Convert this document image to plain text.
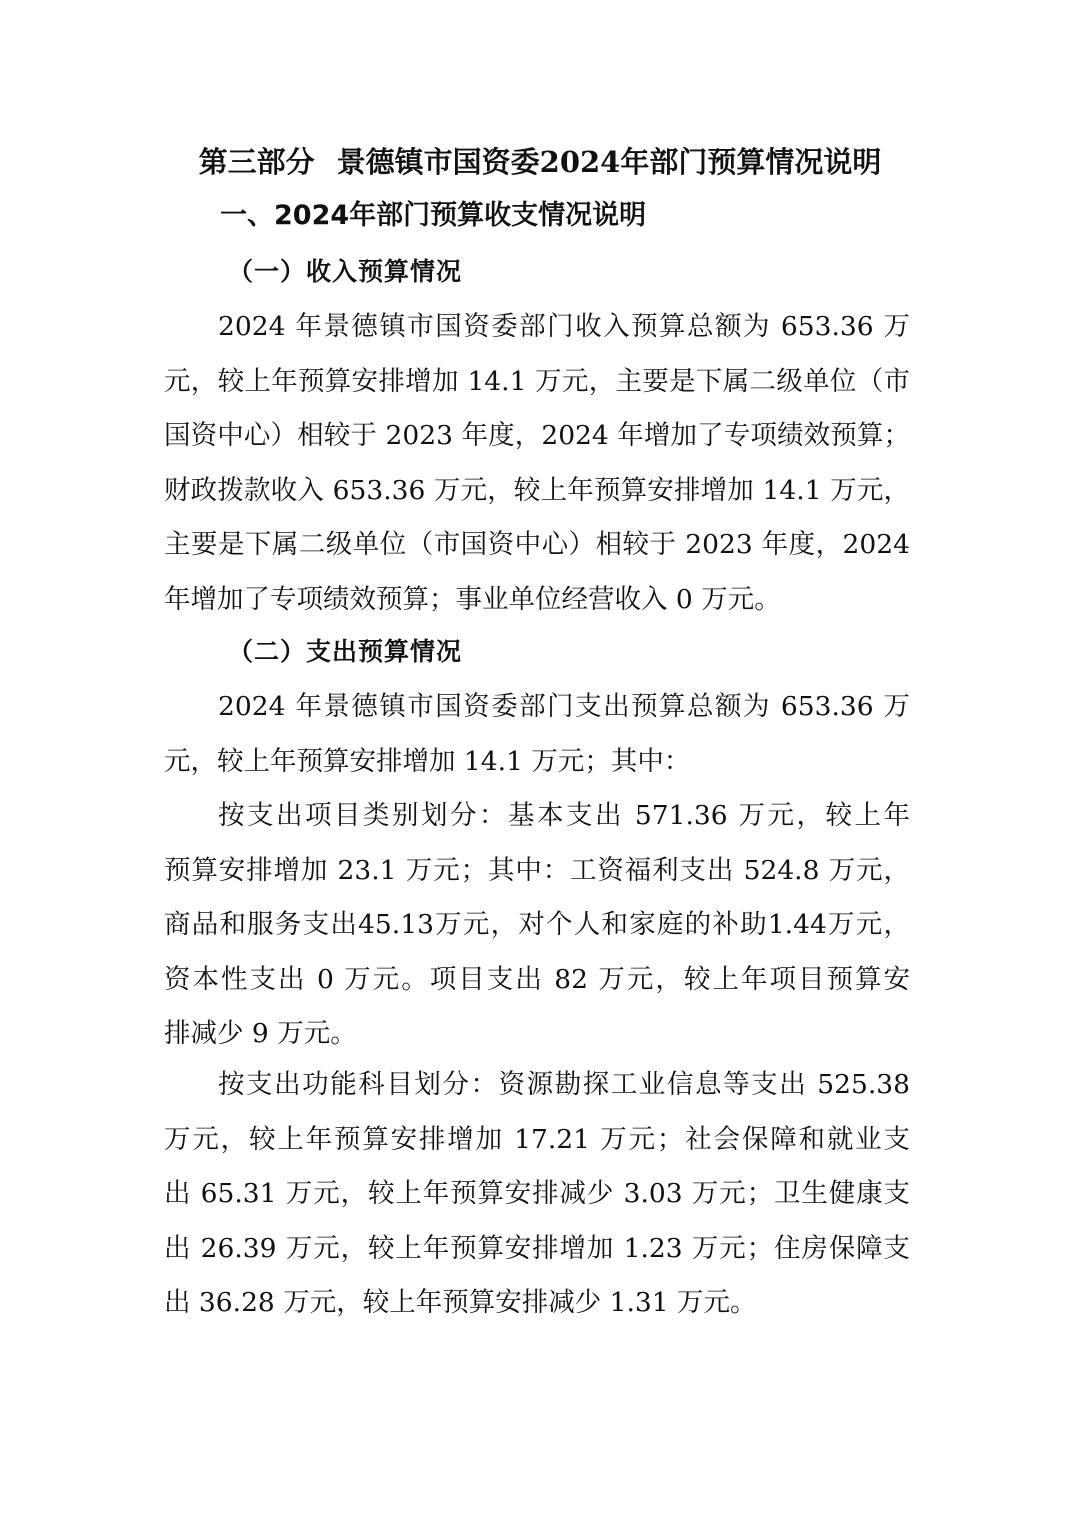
第三部分 景德镇市国资委2024年部门预算情况说明
一、2024年部门预算收支情况说明
（一）收入预算情况
2024 年景德镇市国资委部门收入预算总额为 653.36 万
元，较上年预算安排增加 14.1 万元，主要是下属二级单位（市
国资中心）相较于 2023 年度，2024 年增加了专项绩效预算；
财政拨款收入 653.36 万元，较上年预算安排增加 14.1 万元，
主要是下属二级单位（市国资中心）相较于 2023 年度，2024
年增加了专项绩效预算；事业单位经营收入 0 万元。
（二）支出预算情况
2024 年景德镇市国资委部门支出预算总额为 653.36 万
元，较上年预算安排增加 14.1 万元；其中：
按支出项目类别划分：基本支出 571.36 万元，较上年
预算安排增加 23.1 万元；其中：工资福利支出 524.8 万元，
商品和服务支出45.13万元，对个人和家庭的补助1.44万元，
资本性支出 0 万元。项目支出 82 万元，较上年项目预算安
排减少 9 万元。
按支出功能科目划分：资源勘探工业信息等支出 525.38
万元，较上年预算安排增加 17.21 万元；社会保障和就业支
出 65.31 万元，较上年预算安排减少 3.03 万元；卫生健康支
出 26.39 万元，较上年预算安排增加 1.23 万元；住房保障支
出 36.28 万元，较上年预算安排减少 1.31 万元。
